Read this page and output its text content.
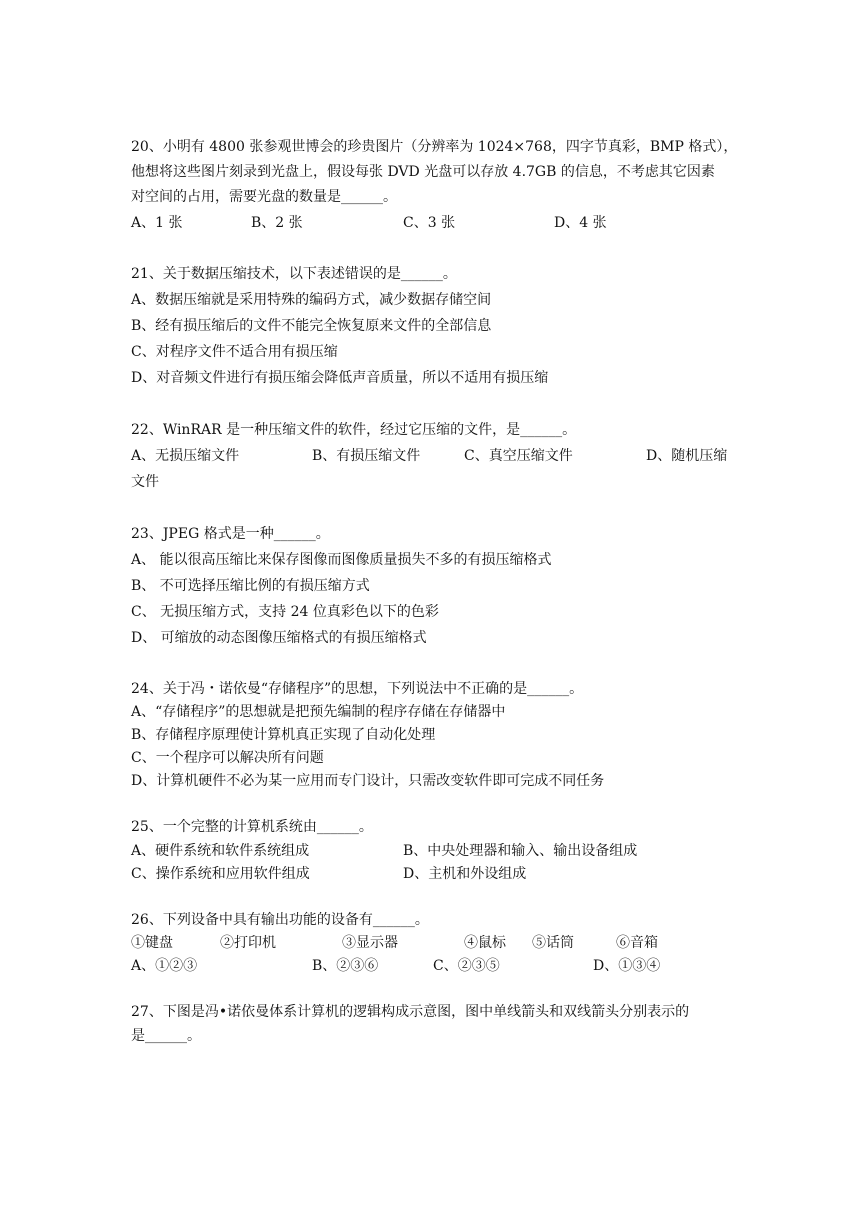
20、小明有 4800 张参观世博会的珍贵图片（分辨率为 1024×768，四字节真彩，BMP 格式），
他想将这些图片刻录到光盘上，假设每张 DVD 光盘可以存放 4.7GB 的信息，不考虑其它因素
对空间的占用，需要光盘的数量是______。
A、1 张	B、2 张	C、3 张	D、4 张
21、关于数据压缩技术，以下表述错误的是______。
A、数据压缩就是采用特殊的编码方式，减少数据存储空间
B、经有损压缩后的文件不能完全恢复原来文件的全部信息
C、对程序文件不适合用有损压缩
D、对音频文件进行有损压缩会降低声音质量，所以不适用有损压缩
22、WinRAR 是一种压缩文件的软件，经过它压缩的文件，是______。
A、无损压缩文件	B、有损压缩文件	C、真空压缩文件	D、随机压缩
文件
23、JPEG 格式是一种______。
A、 能以很高压缩比来保存图像而图像质量损失不多的有损压缩格式
B、 不可选择压缩比例的有损压缩方式
C、 无损压缩方式，支持 24 位真彩色以下的色彩
D、 可缩放的动态图像压缩格式的有损压缩格式
24、关于冯・诺依曼“存储程序”的思想，下列说法中不正确的是______。
A、“存储程序”的思想就是把预先编制的程序存储在存储器中
B、存储程序原理使计算机真正实现了自动化处理
C、一个程序可以解决所有问题
D、计算机硬件不必为某一应用而专门设计，只需改变软件即可完成不同任务
25、一个完整的计算机系统由______。
A、硬件系统和软件系统组成	B、中央处理器和输入、输出设备组成
C、操作系统和应用软件组成	D、主机和外设组成
26、下列设备中具有输出功能的设备有______。
①键盘	②打印机	③显示器	④鼠标 ⑤话筒	⑥音箱
A、①②③	B、②③⑥	C、②③⑤	D、①③④
27、下图是冯•诺依曼体系计算机的逻辑构成示意图，图中单线箭头和双线箭头分别表示的
是______。
